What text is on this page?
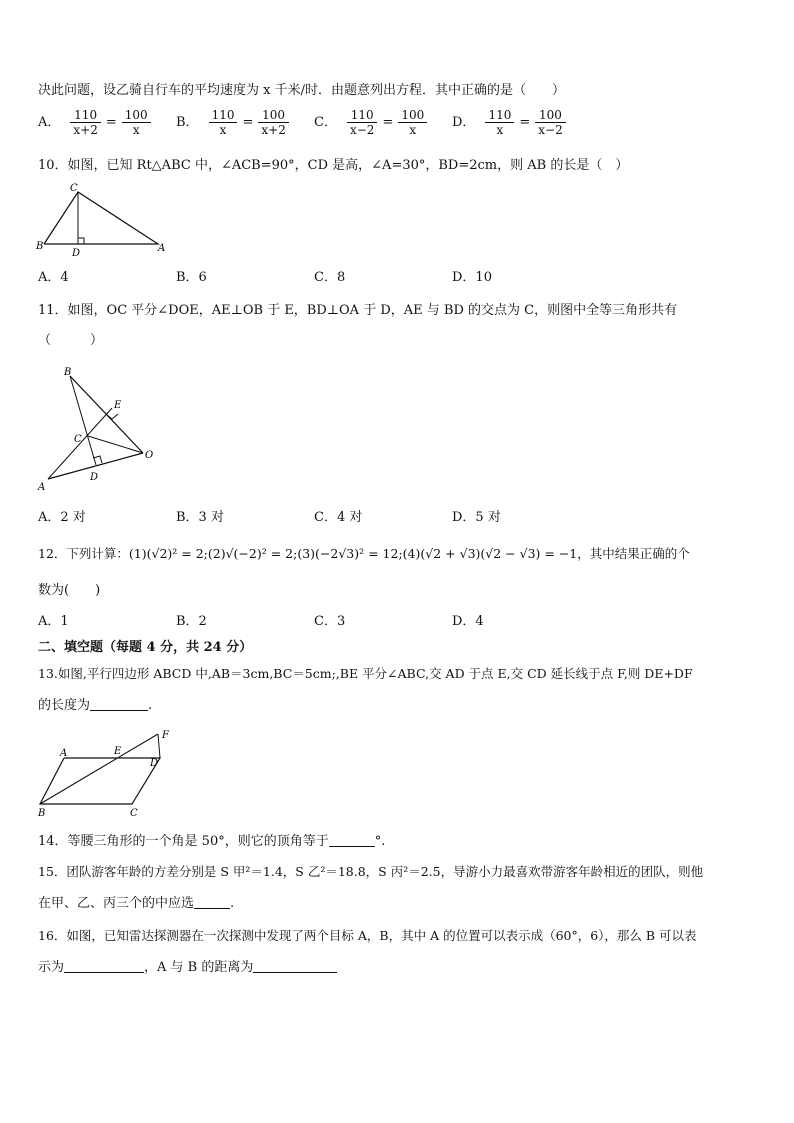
决此问题，设乙骑自行车的平均速度为 x 千米/时．由题意列出方程．其中正确的是（　　）
A． $\frac{110}{x+2} = \frac{100}{x}$ B． $\frac{110}{x} = \frac{100}{x+2}$ C． $\frac{110}{x-2} = \frac{100}{x}$ D． $\frac{110}{x} = \frac{100}{x-2}$
10．如图，已知 Rt△ABC 中，∠ACB=90°，CD 是高，∠A=30°，BD=2cm，则 AB 的长是（　）
C
B
D	A
A．4	B．6	C．8	D．10
11．如图，OC 平分∠DOE，AE⊥OB 于 E，BD⊥OA 于 D，AE 与 BD 的交点为 C，则图中全等三角形共有
（　　　）
B
E
C
O
D
A
A．2 对	B．3 对	C．4 对	D．5 对
12．下列计算：(1)(√2)² = 2;(2)√(−2)² = 2;(3)(−2√3)² = 12;(4)(√2 + √3)(√2 − √3) = −1，其中结果正确的个
数为(　　)
A．1	B．2	C．3	D．4
二、填空题（每题 4 分，共 24 分）
13.如图,平行四边形 ABCD 中,AB＝3cm,BC＝5cm;,BE 平分∠ABC,交 AD 于点 E,交 CD 延长线于点 F,则 DE+DF
的长度为	.
A	E
F
D
B	C
14．等腰三角形的一个角是 50°，则它的顶角等于	°.
15．团队游客年龄的方差分别是 S 甲²＝1.4，S 乙²＝18.8，S 丙²＝2.5，导游小力最喜欢带游客年龄相近的团队，则他
在甲、乙、丙三个的中应选	.
16．如图，已知雷达探测器在一次探测中发现了两个目标 A，B，其中 A 的位置可以表示成（60°，6），那么 B 可以表
示为	，A 与 B 的距离为
